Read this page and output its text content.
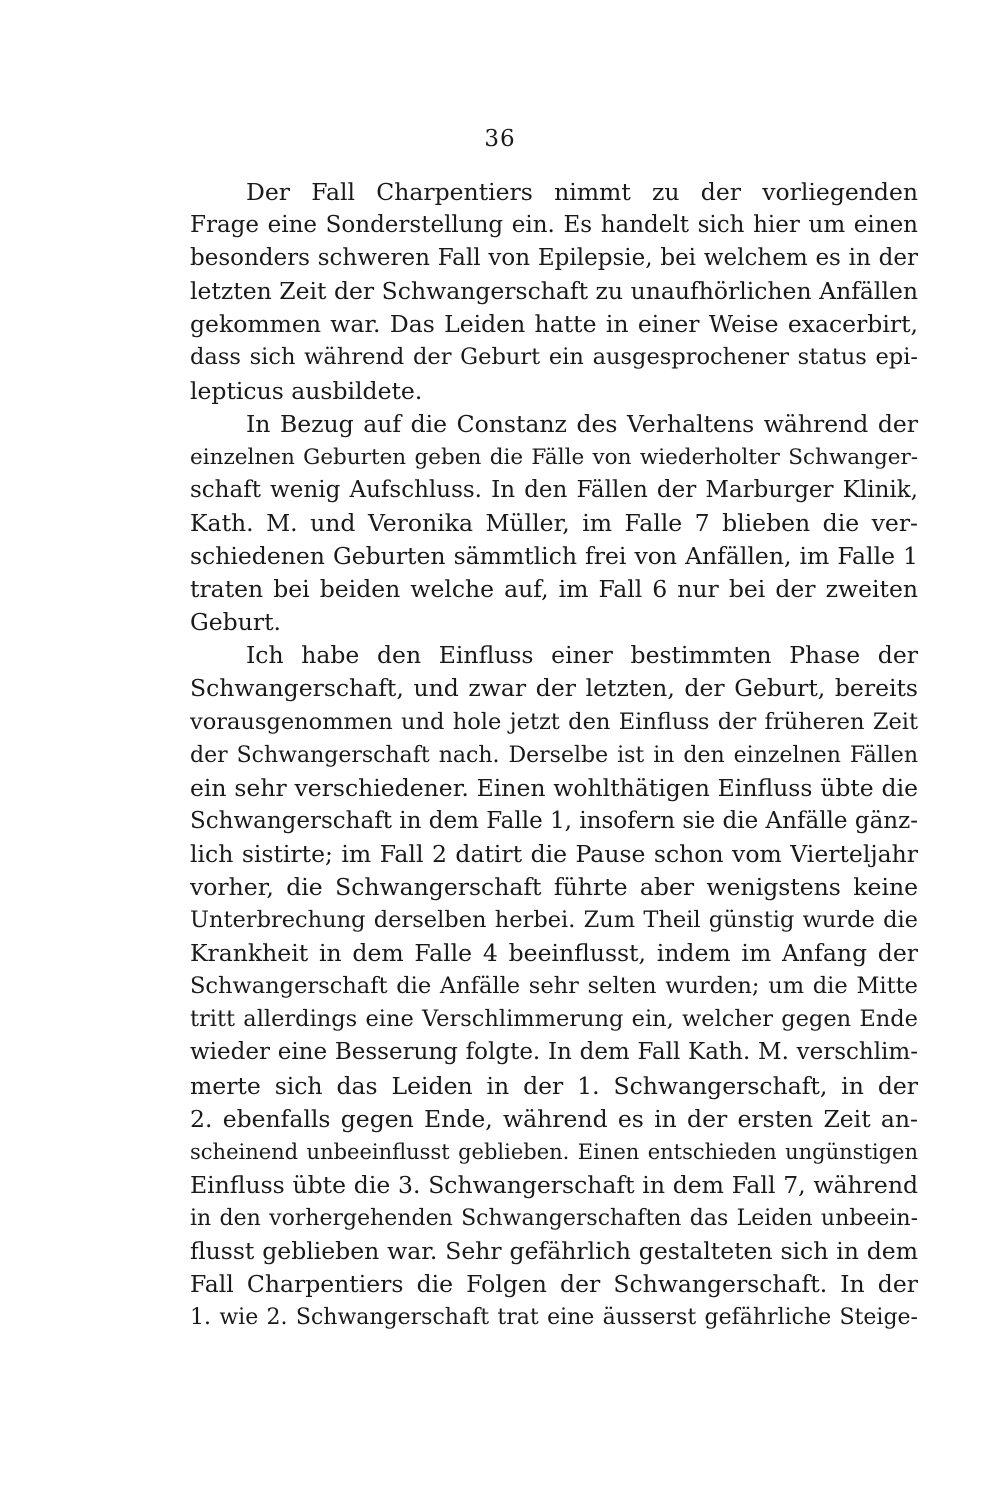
36
Der Fall Charpentiers nimmt zu der vorliegenden
Frage eine Sonderstellung ein. Es handelt sich hier um einen
besonders schweren Fall von Epilepsie, bei welchem es in der
letzten Zeit der Schwangerschaft zu unaufhörlichen Anfällen
gekommen war. Das Leiden hatte in einer Weise exacerbirt,
dass sich während der Geburt ein ausgesprochener status epi-
lepticus ausbildete.
In Bezug auf die Constanz des Verhaltens während der
einzelnen Geburten geben die Fälle von wiederholter Schwanger-
schaft wenig Aufschluss. In den Fällen der Marburger Klinik,
Kath. M. und Veronika Müller, im Falle 7 blieben die ver-
schiedenen Geburten sämmtlich frei von Anfällen, im Falle 1
traten bei beiden welche auf, im Fall 6 nur bei der zweiten
Geburt.
Ich habe den Einfluss einer bestimmten Phase der
Schwangerschaft, und zwar der letzten, der Geburt, bereits
vorausgenommen und hole jetzt den Einfluss der früheren Zeit
der Schwangerschaft nach. Derselbe ist in den einzelnen Fällen
ein sehr verschiedener. Einen wohlthätigen Einfluss übte die
Schwangerschaft in dem Falle 1, insofern sie die Anfälle gänz-
lich sistirte; im Fall 2 datirt die Pause schon vom Vierteljahr
vorher, die Schwangerschaft führte aber wenigstens keine
Unterbrechung derselben herbei. Zum Theil günstig wurde die
Krankheit in dem Falle 4 beeinflusst, indem im Anfang der
Schwangerschaft die Anfälle sehr selten wurden; um die Mitte
tritt allerdings eine Verschlimmerung ein, welcher gegen Ende
wieder eine Besserung folgte. In dem Fall Kath. M. verschlim-
merte sich das Leiden in der 1. Schwangerschaft, in der
2. ebenfalls gegen Ende, während es in der ersten Zeit an-
scheinend unbeeinflusst geblieben. Einen entschieden ungünstigen
Einfluss übte die 3. Schwangerschaft in dem Fall 7, während
in den vorhergehenden Schwangerschaften das Leiden unbeein-
flusst geblieben war. Sehr gefährlich gestalteten sich in dem
Fall Charpentiers die Folgen der Schwangerschaft. In der
1. wie 2. Schwangerschaft trat eine äusserst gefährliche Steige-
